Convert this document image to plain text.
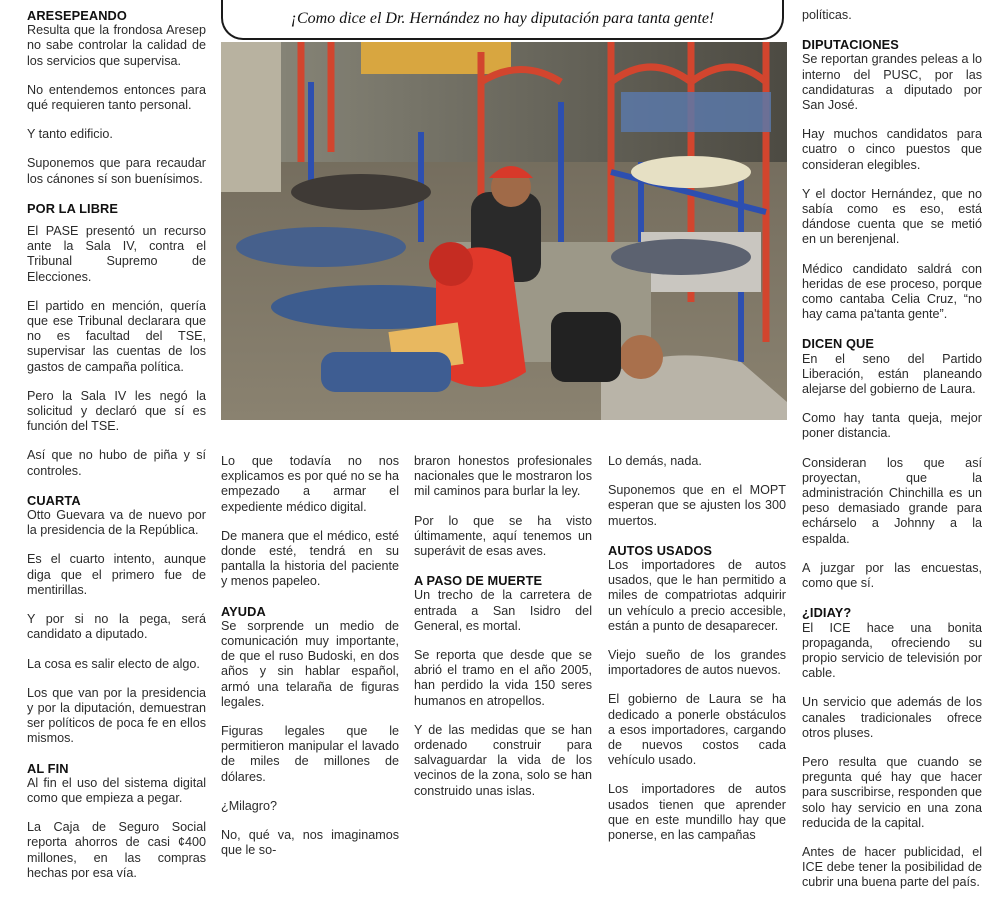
ARESEPEANDO

Resulta que la frondosa Aresep no sabe controlar la calidad de los servicios que supervisa.

No entendemos entonces para qué requieren tanto personal.

Y tanto edificio.

Suponemos que para recaudar los cánones sí son buenísimos.

POR LA LIBRE

El PASE presentó un recurso ante la Sala IV, contra el Tribunal Supremo de Elecciones.

El partido en mención, quería que ese Tribunal declarara que no es facultad del TSE, supervisar las cuentas de los gastos de campaña política.

Pero la Sala IV les negó la solicitud y declaró que sí es función del TSE.

Así que no hubo de piña y sí controles.

CUARTA

Otto Guevara va de nuevo por la presidencia de la República.

Es el cuarto intento, aunque diga que el primero fue de mentirillas.

Y por si no la pega, será candidato a diputado.

La cosa es salir electo de algo.

Los que van por la presidencia y por la diputación, demuestran ser políticos de poca fe en ellos mismos.

AL FIN

Al fin el uso del sistema digital como que empieza a pegar.

La Caja de Seguro Social reporta ahorros de casi ¢400 millones, en las compras hechas por esa vía.

¡Como dice el Dr. Hernández no hay diputación para tanta gente!

Lo que todavía no nos explicamos es por qué no se ha empezado a armar el expediente médico digital.

De manera que el médico, esté donde esté, tendrá en su pantalla la historia del paciente y menos papeleo.

AYUDA

Se sorprende un medio de comunicación muy importante, de que el ruso Budoski, en dos años y sin hablar español, armó una telaraña de figuras legales.

Figuras legales que le permitieron manipular el lavado de miles de millones de dólares.

¿Milagro?

No, qué va, nos imaginamos que le so-

braron honestos profesionales nacionales que le mostraron los mil caminos para burlar la ley.

Por lo que se ha visto últimamente, aquí tenemos un superávit de esas aves.

A PASO DE MUERTE

Un trecho de la carretera de entrada a San Isidro del General, es mortal.

Se reporta que desde que se abrió el tramo en el año 2005, han perdido la vida 150 seres humanos en atropellos.

Y de las medidas que se han ordenado construir para salvaguardar la vida de los vecinos de la zona, solo se han construido unas islas.

Lo demás, nada.

Suponemos que en el MOPT esperan que se ajusten los 300 muertos.

AUTOS USADOS

Los importadores de autos usados, que le han permitido a miles de compatriotas adquirir un vehículo a precio accesible, están a punto de desaparecer.

Viejo sueño de los grandes importadores de autos nuevos.

El gobierno de Laura se ha dedicado a ponerle obstáculos a esos importadores, cargando de nuevos costos cada vehículo usado.

Los importadores de autos usados tienen que aprender que en este mundillo hay que ponerse, en las campañas

políticas.

DIPUTACIONES

Se reportan grandes peleas a lo interno del PUSC, por las candidaturas a diputado por San José.

Hay muchos candidatos para cuatro o cinco puestos que consideran elegibles.

Y el doctor Hernández, que no sabía como es eso, está dándose cuenta que se metió en un berenjenal.

Médico candidato saldrá con heridas de ese proceso, porque como cantaba Celia Cruz, “no hay cama pa'tanta gente”.

DICEN QUE

En el seno del Partido Liberación, están planeando alejarse del gobierno de Laura.

Como hay tanta queja, mejor poner distancia.

Consideran los que así proyectan, que la administración Chinchilla es un peso demasiado grande para echárselo a Johnny a la espalda.

A juzgar por las encuestas, como que sí.

¿IDIAY?

El ICE hace una bonita propaganda, ofreciendo su propio servicio de televisión por cable.

Un servicio que además de los canales tradicionales ofrece otros pluses.

Pero resulta que cuando se pregunta qué hay que hacer para suscribirse, responden que solo hay servicio en una zona reducida de la capital.

Antes de hacer publicidad, el ICE debe tener la posibilidad de cubrir una buena parte del país.
